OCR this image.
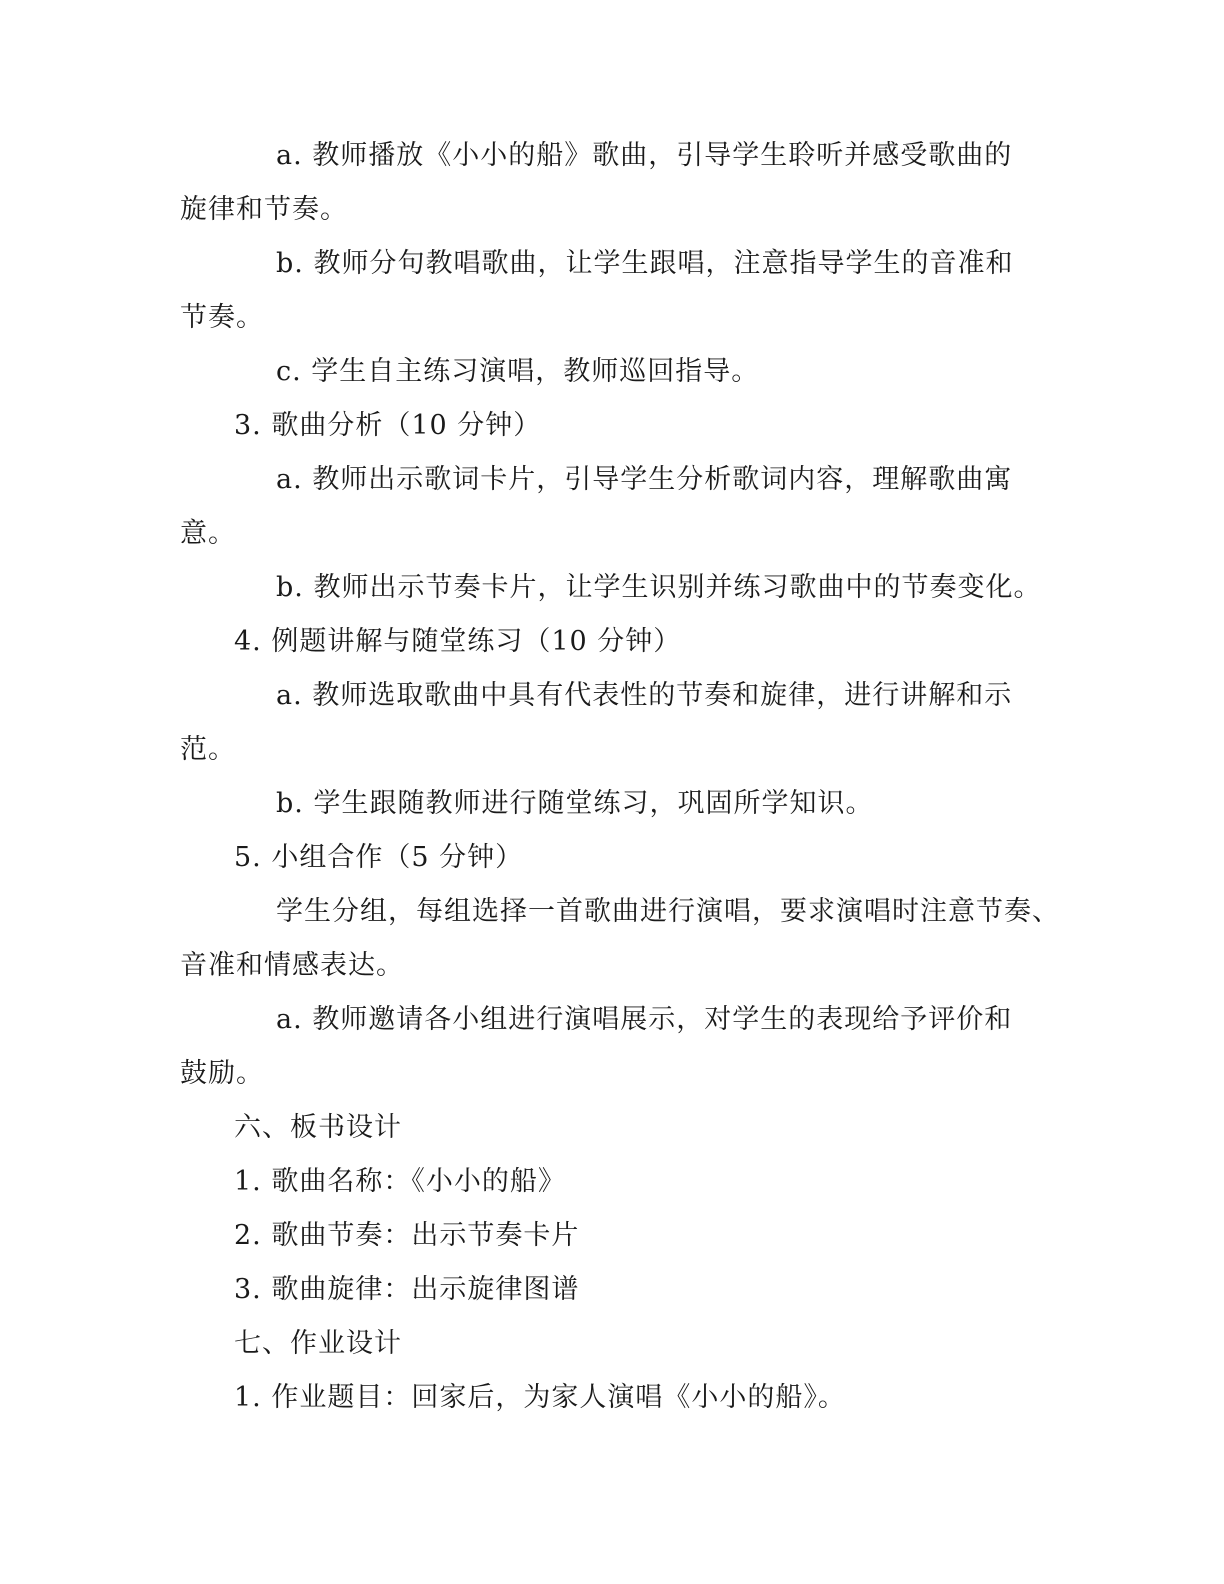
a. 教师播放《小小的船》歌曲，引导学生聆听并感受歌曲的
旋律和节奏。
b. 教师分句教唱歌曲，让学生跟唱，注意指导学生的音准和
节奏。
c. 学生自主练习演唱，教师巡回指导。
3. 歌曲分析（10 分钟）
a. 教师出示歌词卡片，引导学生分析歌词内容，理解歌曲寓
意。
b. 教师出示节奏卡片，让学生识别并练习歌曲中的节奏变化。
4. 例题讲解与随堂练习（10 分钟）
a. 教师选取歌曲中具有代表性的节奏和旋律，进行讲解和示
范。
b. 学生跟随教师进行随堂练习，巩固所学知识。
5. 小组合作（5 分钟）
学生分组，每组选择一首歌曲进行演唱，要求演唱时注意节奏、
音准和情感表达。
a. 教师邀请各小组进行演唱展示，对学生的表现给予评价和
鼓励。
六、板书设计
1. 歌曲名称：《小小的船》
2. 歌曲节奏：出示节奏卡片
3. 歌曲旋律：出示旋律图谱
七、作业设计
1. 作业题目：回家后，为家人演唱《小小的船》。
